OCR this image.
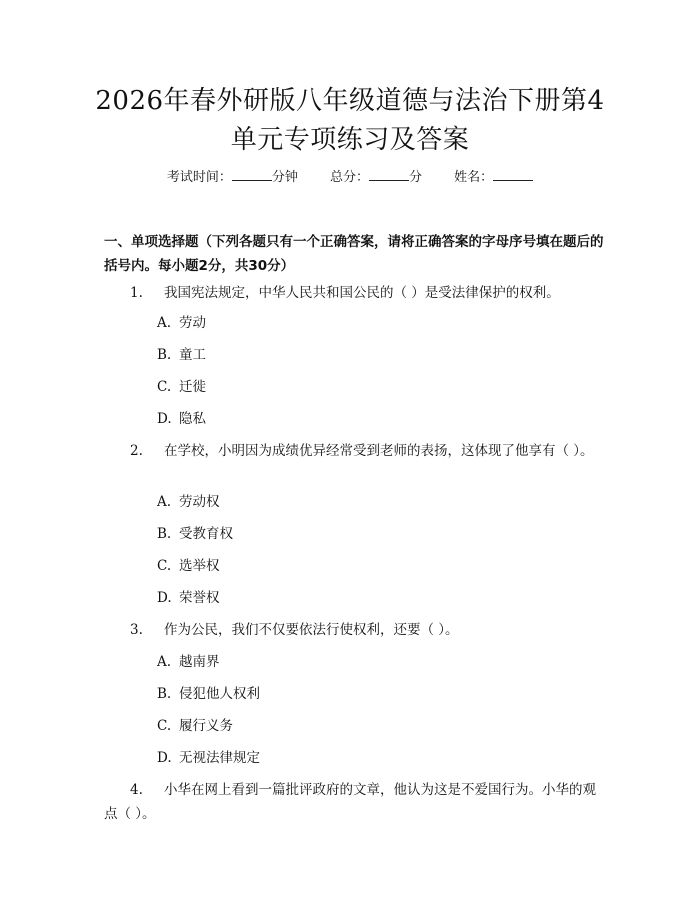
2026年春外研版八年级道德与法治下册第4
单元专项练习及答案
考试时间：	分钟 总分：	分 姓名：
一、单项选择题（下列各题只有一个正确答案，请将正确答案的字母序号填在题后的括号内。每小题2分，共30分）
1. 我国宪法规定，中华人民共和国公民的（ ）是受法律保护的权利。
A. 劳动
B. 童工
C. 迁徙
D. 隐私
2. 在学校，小明因为成绩优异经常受到老师的表扬，这体现了他享有（ ）。
A. 劳动权
B. 受教育权
C. 选举权
D. 荣誉权
3. 作为公民，我们不仅要依法行使权利，还要（ ）。
A. 越南界
B. 侵犯他人权利
C. 履行义务
D. 无视法律规定
4. 小华在网上看到一篇批评政府的文章，他认为这是不爱国行为。小华的观点（ ）。
